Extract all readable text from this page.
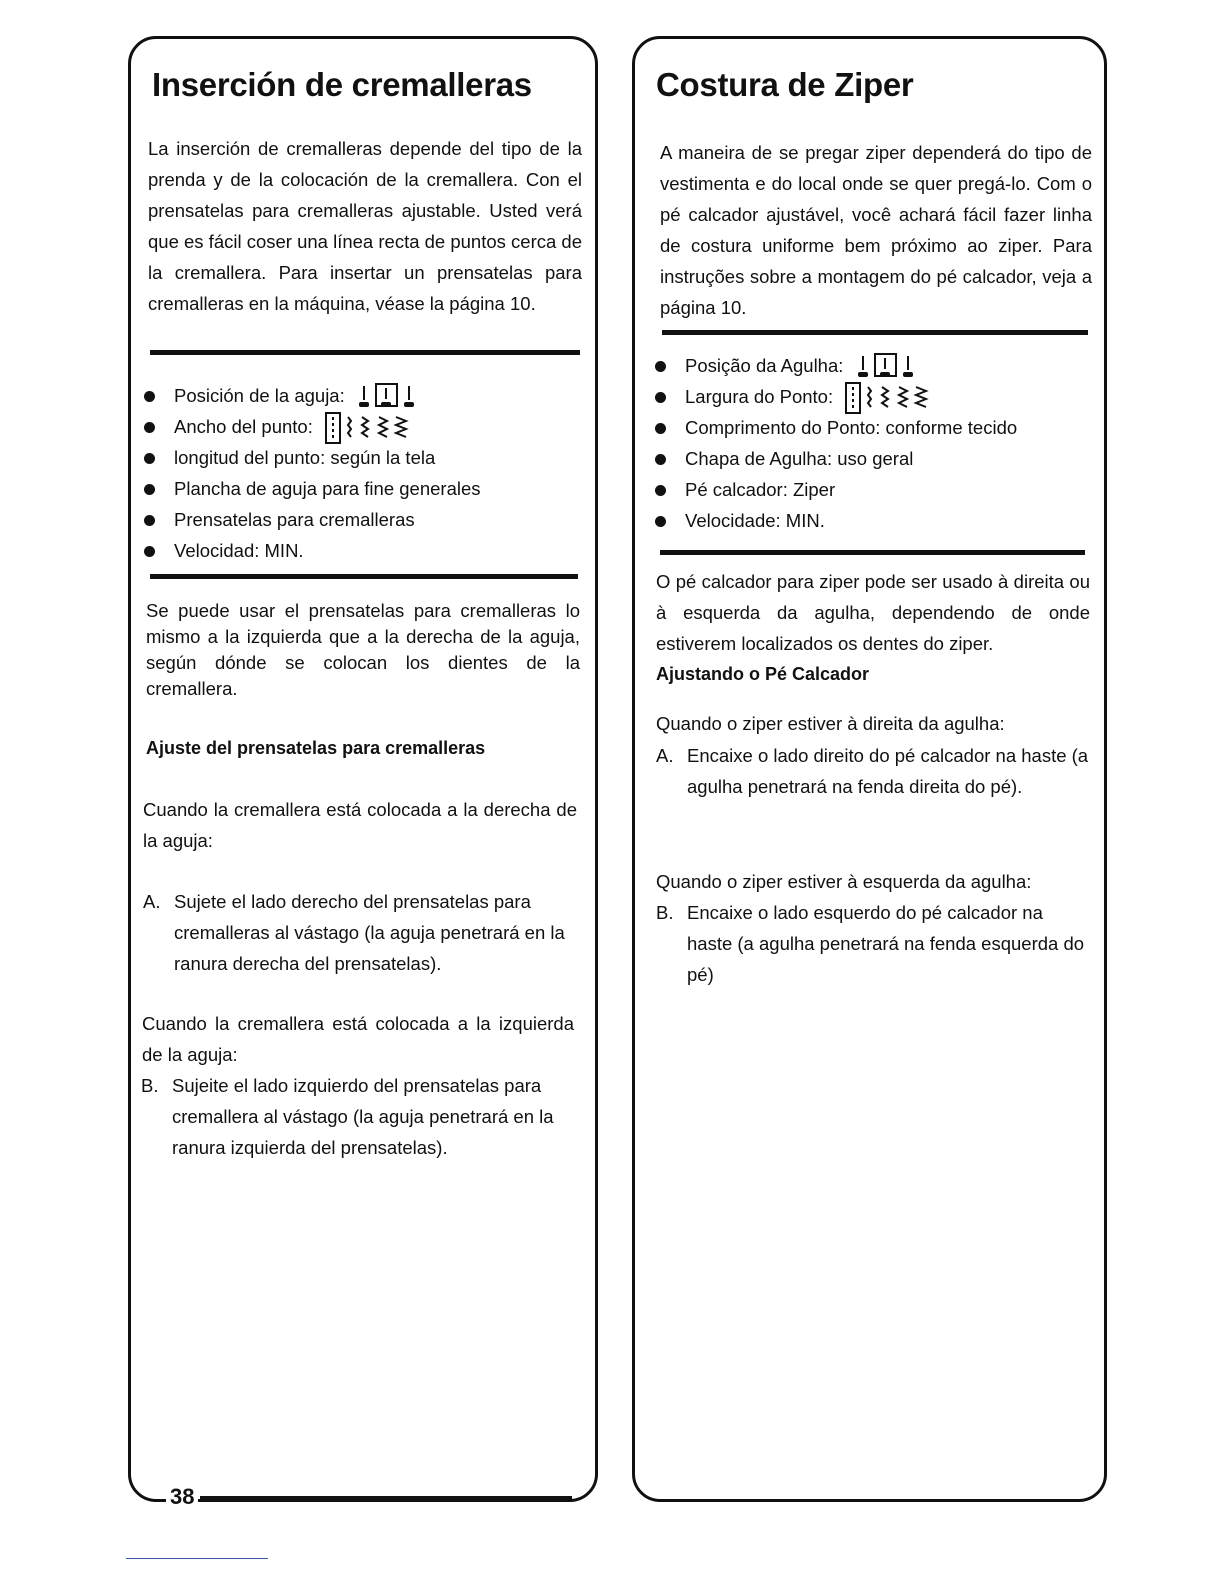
Inserción de cremalleras

La inserción de cremalleras depende del tipo de la prenda y de la colocación de la cremallera. Con el prensatelas para cremalleras ajustable. Usted verá que es fácil coser una línea recta de puntos cerca de la cremallera. Para insertar un prensatelas para cremalleras en la máquina, véase la página 10.

Posición de la aguja:
Ancho del punto:
longitud del punto: según la tela
Plancha de aguja para fine generales
Prensatelas para cremalleras
Velocidad: MIN.

Se puede usar el prensatelas para cremalleras lo mismo a la izquierda que a la derecha de la aguja, según dónde se colocan los dientes de la cremallera.

Ajuste del prensatelas para cremalleras

Cuando la cremallera está colocada a la derecha de la aguja:

A. Sujete el lado derecho del prensatelas para cremalleras al vástago (la aguja penetrará en la ranura derecha del prensatelas).

Cuando la cremallera está colocada a la izquierda de la aguja:

B. Sujeite el lado izquierdo del prensatelas para cremallera al vástago (la aguja penetrará en la ranura izquierda del prensatelas).
Costura de Ziper

A maneira de se pregar ziper dependerá do tipo de vestimenta e do local onde se quer pregá-lo. Com o pé calcador ajustável, você achará fácil fazer linha de costura uniforme bem próximo ao ziper. Para instruções sobre a montagem do pé calcador, veja a página 10.

Posição da Agulha:
Largura do Ponto:
Comprimento do Ponto: conforme tecido
Chapa de Agulha: uso geral
Pé calcador: Ziper
Velocidade: MIN.

O pé calcador para ziper pode ser usado à direita ou à esquerda da agulha, dependendo de onde estiverem localizados os dentes do ziper.

Ajustando o Pé Calcador

Quando o ziper estiver à direita da agulha:

A. Encaixe o lado direito do pé calcador na haste (a agulha penetrará na fenda direita do pé).

Quando o ziper estiver à esquerda da agulha:

B. Encaixe o lado esquerdo do pé calcador na haste (a agulha penetrará na fenda esquerda do pé)
38
